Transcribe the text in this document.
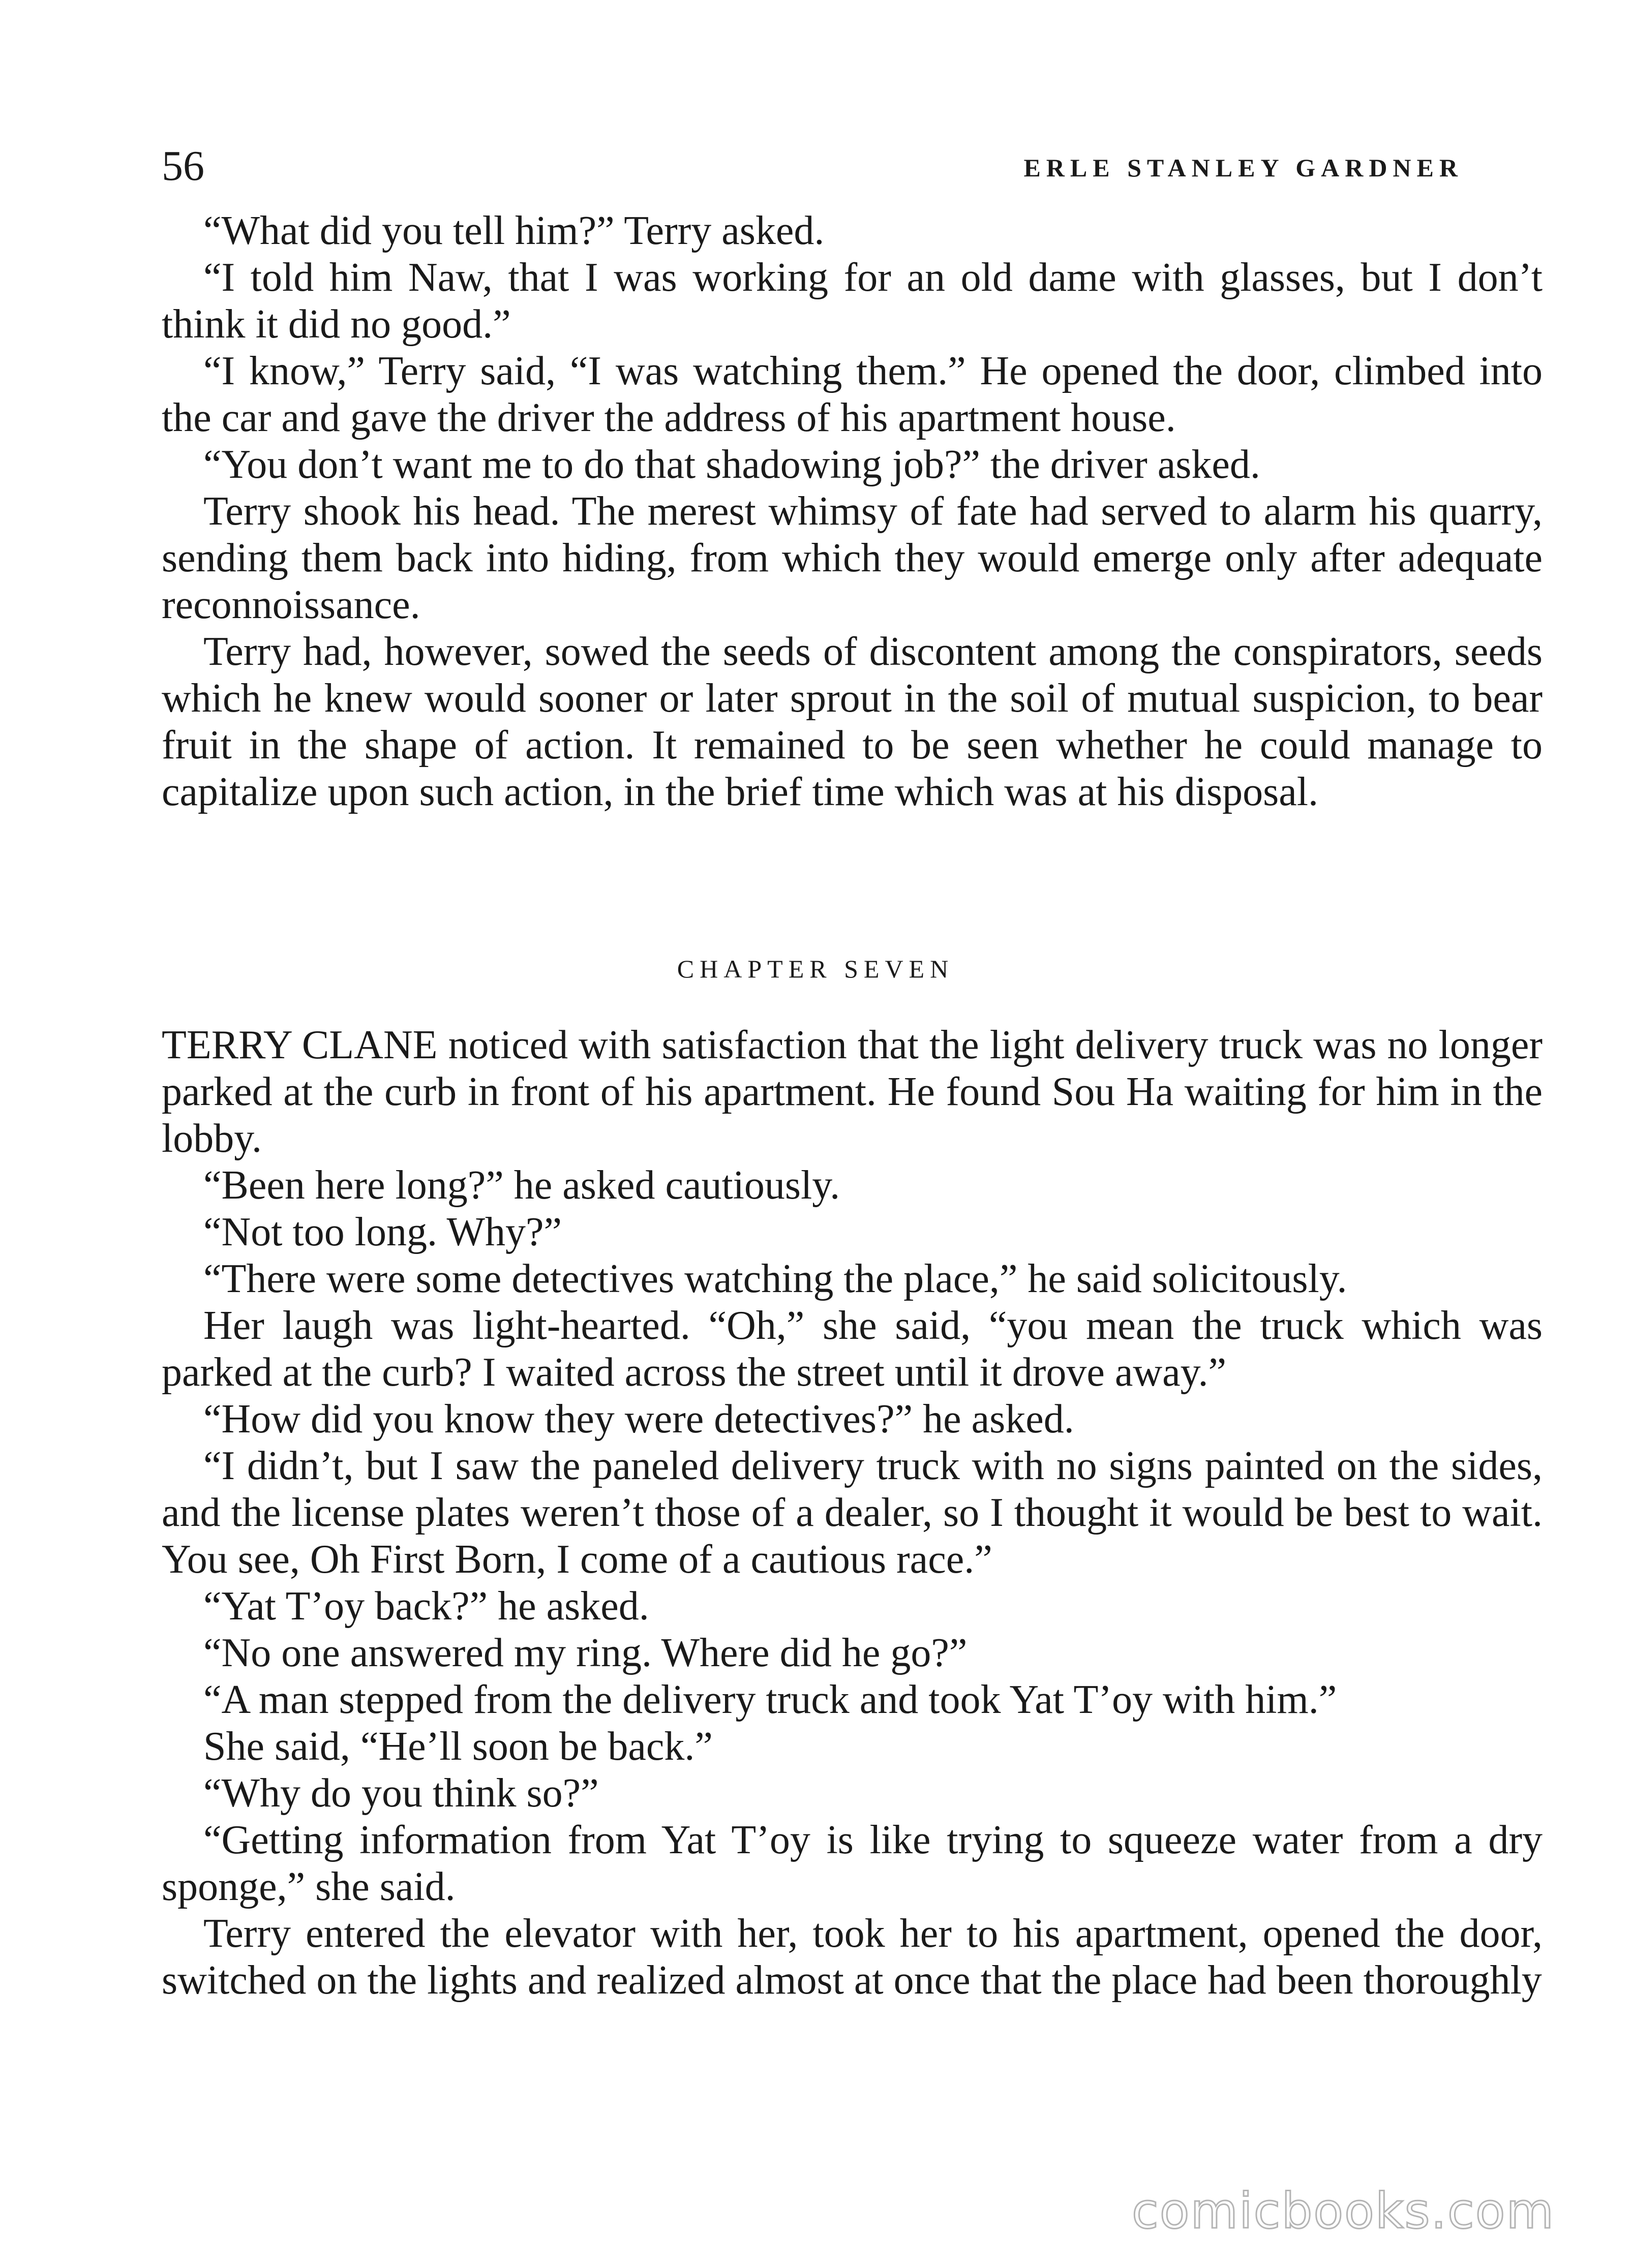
56	ERLE STANLEY GARDNER

“What did you tell him?” Terry asked.

“I told him Naw, that I was working for an old dame with glasses, but I don’t think it did no good.”

“I know,” Terry said, “I was watching them.” He opened the door, climbed into the car and gave the driver the address of his apartment house.

“You don’t want me to do that shadowing job?” the driver asked.

Terry shook his head. The merest whimsy of fate had served to alarm his quarry, sending them back into hiding, from which they would emerge only after adequate reconnoissance.

Terry had, however, sowed the seeds of discontent among the conspirators, seeds which he knew would sooner or later sprout in the soil of mutual suspicion, to bear fruit in the shape of action. It remained to be seen whether he could manage to capitalize upon such action, in the brief time which was at his disposal.

CHAPTER SEVEN

TERRY CLANE noticed with satisfaction that the light delivery truck was no longer parked at the curb in front of his apartment. He found Sou Ha waiting for him in the lobby.

“Been here long?” he asked cautiously.

“Not too long. Why?”

“There were some detectives watching the place,” he said solicitously.

Her laugh was light-hearted. “Oh,” she said, “you mean the truck which was parked at the curb? I waited across the street until it drove away.”

“How did you know they were detectives?” he asked.

“I didn’t, but I saw the paneled delivery truck with no signs painted on the sides, and the license plates weren’t those of a dealer, so I thought it would be best to wait. You see, Oh First Born, I come of a cautious race.”

“Yat T’oy back?” he asked.

“No one answered my ring. Where did he go?”

“A man stepped from the delivery truck and took Yat T’oy with him.”

She said, “He’ll soon be back.”

“Why do you think so?”

“Getting information from Yat T’oy is like trying to squeeze water from a dry sponge,” she said.

Terry entered the elevator with her, took her to his apartment, opened the door, switched on the lights and realized almost at once that the place had been thoroughly

comicbooks.com
